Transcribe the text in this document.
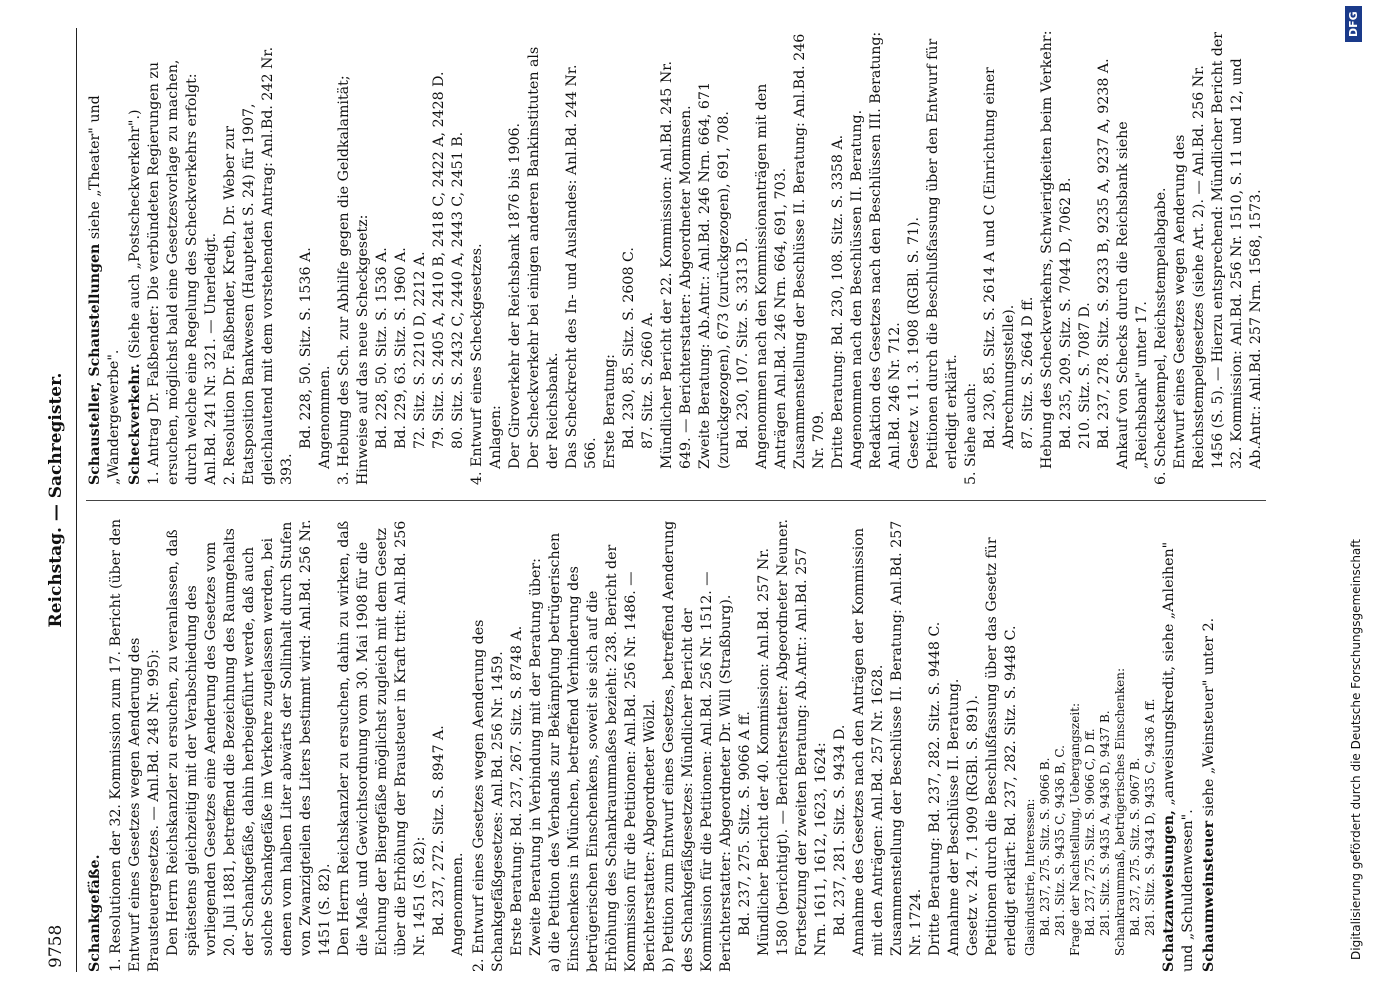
9758
Reichstag. — Sachregister.
Schankgefäße. 1. Resolutionen der 32. Kommission zum 17. Bericht (über den Entwurf eines Gesetzes wegen Aenderung des Brausteuergesetzes. — Anl.Bd. 248 Nr. 995): Den Herrn Reichskanzler zu ersuchen, zu veranlassen, daß spätestens gleichzeitig mit der Verabschiedung des vorliegenden Gesetzes eine Aenderung des Gesetzes vom 20. Juli 1881, betreffend die Bezeichnung des Raumgehalts der Schankgefäße, dahin herbeigeführt werde, daß auch solche Schankgefäße im Verkehre zugelassen werden, bei denen vom halben Liter abwärts der Sollinhalt durch Stufen von Zwanzigteilen des Liters bestimmt wird: Anl.Bd. 256 Nr. 1451 (S. 82). Den Herrn Reichskanzler zu ersuchen, dahin zu wirken, daß die Maß- und Gewichtsordnung vom 30. Mai 1908 für die Eichung der Biergefäße möglichst zugleich mit dem Gesetz über die Erhöhung der Brausteuer in Kraft tritt: Anl.Bd. 256 Nr. 1451 (S. 82): Bd. 237, 272. Sitz. S. 8947 A. Angenommen. 2. Entwurf eines Gesetzes wegen Aenderung des Schankgefäßgesetzes: Anl.Bd. 256 Nr. 1459. Erste Beratung: Bd. 237, 267. Sitz. S. 8748 A. Zweite Beratung in Verbindung mit der Beratung über: a) die Petition des Verbands zur Bekämpfung betrügerischen Einschenkens in München, betreffend Verhinderung des betrügerischen Einschenkens, soweit sie sich auf die Erhöhung des Schankraummaßes bezieht: 238. Bericht der Kommission für die Petitionen: Anl.Bd. 256 Nr. 1486. — Berichterstatter: Abgeordneter Wölzl. b) Petition zum Entwurf eines Gesetzes, betreffend Aenderung des Schankgefäßgesetzes: Mündlicher Bericht der Kommission für die Petitionen: Anl.Bd. 256 Nr. 1512. — Berichterstatter: Abgeordneter Dr. Will (Straßburg). Bd. 237, 275. Sitz. S. 9066 A ff. Mündlicher Bericht der 40. Kommission: Anl.Bd. 257 Nr. 1580 (berichtigt). — Berichterstatter: Abgeordneter Neuner. Fortsetzung der zweiten Beratung: Ab.Antr.: Anl.Bd. 257 Nrn. 1611, 1612, 1623, 1624: Bd. 237, 281. Sitz. S. 9434 D. Annahme des Gesetzes nach den Anträgen der Kommission mit den Anträgen: Anl.Bd. 257 Nr. 1628. Zusammenstellung der Beschlüsse II. Beratung: Anl.Bd. 257 Nr. 1724. Dritte Beratung: Bd. 237, 282. Sitz. S. 9448 C. Annahme der Beschlüsse II. Beratung. Gesetz v. 24. 7. 1909 (RGBl. S. 891). Petitionen durch die Beschlußfassung über das Gesetz für erledigt erklärt: Bd. 237, 282. Sitz. S. 9448 C. Glasindustrie, Interessen: Bd. 237, 275. Sitz. S. 9066 B. 281. Sitz. S. 9435 C, 9436 B, C. Frage der Nachstellung, Uebergangszeit: Bd. 237, 275. Sitz. S. 9066 C, D ff. 281. Sitz. S. 9435 A, 9436 D, 9437 B. Schankraummaß, betrügerisches Einschenken: Bd. 237, 275. Sitz. S. 9067 B. 281. Sitz. S. 9434 D, 9435 C, 9436 A ff. Schatzanweisungen, „anweisungskredit, siehe „Anleihen" und „Schuldenwesen". Schaumweinsteuer siehe „Weinsteuer" unter 2.
Schausteller, Schaustellungen siehe „Theater" und „Wandergewerbe". Scheckverkehr. (Siehe auch „Postscheckverkehr".) 1. Antrag Dr. Faßbender: Die verbündeten Regierungen zu ersuchen, möglichst bald eine Gesetzesvorlage zu machen, durch welche eine Regelung des Scheckverkehrs erfolgt: Anl.Bd. 241 Nr. 321. — Unerledigt. 2. Resolution Dr. Faßbender, Kreth, Dr. Weber zur Etatsposition Bankwesen (Hauptetat S. 24) für 1907, gleichlautend mit dem vorstehenden Antrag: Anl.Bd. 242 Nr. 393.
Bd. 228, 50. Sitz. S. 1536 A. Angenommen. 3. Hebung des Sch. zur Abhilfe gegen die Geldkalamität; Hinweise auf das neue Scheckgesetz: Bd. 228, 50. Sitz. S. 1536 A. Bd. 229, 63. Sitz. S. 1960 A. 72. Sitz. S. 2210 D, 2212 A. 79. Sitz. S. 2405 A, 2410 B, 2418 C, 2422 A, 2428 D. 80. Sitz. S. 2432 C, 2440 A, 2443 C, 2451 B. 4. Entwurf eines Scheckgesetzes. Anlagen: Der Giroverkehr der Reichsbank 1876 bis 1906. Der Scheckverkehr bei einigen anderen Bankinstituten als der Reichsbank. Das Scheckrecht des In- und Auslandes: Anl.Bd. 244 Nr. 566. Erste Beratung: Bd. 230, 85. Sitz. S. 2608 C. 87. Sitz. S. 2660 A. Mündlicher Bericht der 22. Kommission: Anl.Bd. 245 Nr. 649. — Berichterstatter: Abgeordneter Mommsen. Zweite Beratung: Ab.Antr.: Anl.Bd. 246 Nrn. 664, 671 (zurückgezogen), 673 (zurückgezogen), 691, 708. Bd. 230, 107. Sitz. S. 3313 D. Angenommen nach den Kommissionanträgen mit den Anträgen Anl.Bd. 246 Nrn. 664, 691, 703. Zusammenstellung der Beschlüsse II. Beratung: Anl.Bd. 246 Nr. 709. Dritte Beratung: Bd. 230, 108. Sitz. S. 3358 A. Angenommen nach den Beschlüssen II. Beratung. Redaktion des Gesetzes nach den Beschlüssen III. Beratung: Anl.Bd. 246 Nr. 712. Gesetz v. 11. 3. 1908 (RGBl. S. 71). Petitionen durch die Beschlußfassung über den Entwurf für erledigt erklärt. 5. Siehe auch: Bd. 230, 85. Sitz. S. 2614 A und C (Einrichtung einer Abrechnungsstelle). 87. Sitz. S. 2664 D ff. Hebung des Scheckverkehrs, Schwierigkeiten beim Verkehr: Bd. 235, 209. Sitz. S. 7044 D, 7062 B. 210. Sitz. S. 7087 D. Bd. 237, 278. Sitz. S. 9233 B, 9235 A, 9237 A, 9238 A. Ankauf von Schecks durch die Reichsbank siehe „Reichsbank" unter 17. 6. Scheckstempel, Reichsstempelabgabe. Entwurf eines Gesetzes wegen Aenderung des Reichsstempelgesetzes (siehe Art. 2). — Anl.Bd. 256 Nr. 1456 (S. 5). — Hierzu entsprechend: Mündlicher Bericht der 32. Kommission: Anl.Bd. 256 Nr. 1510, S. 11 und 12, und Ab.Antr.: Anl.Bd. 257 Nrn. 1568, 1573.
Digitalisierung gefördert durch die Deutsche Forschungsgemeinschaft
DFG
